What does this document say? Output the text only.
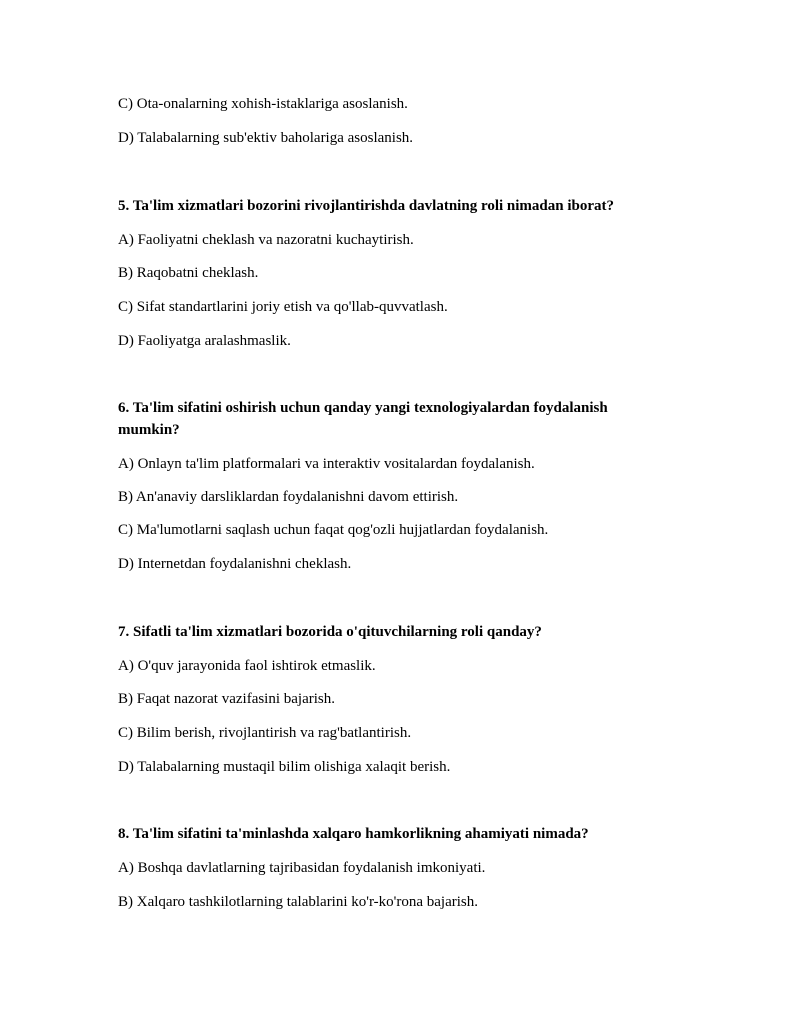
C) Ota-onalarning xohish-istaklariga asoslanish.
D) Talabalarning sub'ektiv baholariga asoslanish.
5. Ta'lim xizmatlari bozorini rivojlantirishda davlatning roli nimadan iborat?
A) Faoliyatni cheklash va nazoratni kuchaytirish.
B) Raqobatni cheklash.
C) Sifat standartlarini joriy etish va qo'llab-quvvatlash.
D) Faoliyatga aralashmaslik.
6. Ta'lim sifatini oshirish uchun qanday yangi texnologiyalardan foydalanish mumkin?
A) Onlayn ta'lim platformalari va interaktiv vositalardan foydalanish.
B) An'anaviy darsliklardan foydalanishni davom ettirish.
C) Ma'lumotlarni saqlash uchun faqat qog'ozli hujjatlardan foydalanish.
D) Internetdan foydalanishni cheklash.
7. Sifatli ta'lim xizmatlari bozorida o'qituvchilarning roli qanday?
A) O'quv jarayonida faol ishtirok etmaslik.
B) Faqat nazorat vazifasini bajarish.
C) Bilim berish, rivojlantirish va rag'batlantirish.
D) Talabalarning mustaqil bilim olishiga xalaqit berish.
8. Ta'lim sifatini ta'minlashda xalqaro hamkorlikning ahamiyati nimada?
A) Boshqa davlatlarning tajribasidan foydalanish imkoniyati.
B) Xalqaro tashkilotlarning talablarini ko'r-ko'rona bajarish.
